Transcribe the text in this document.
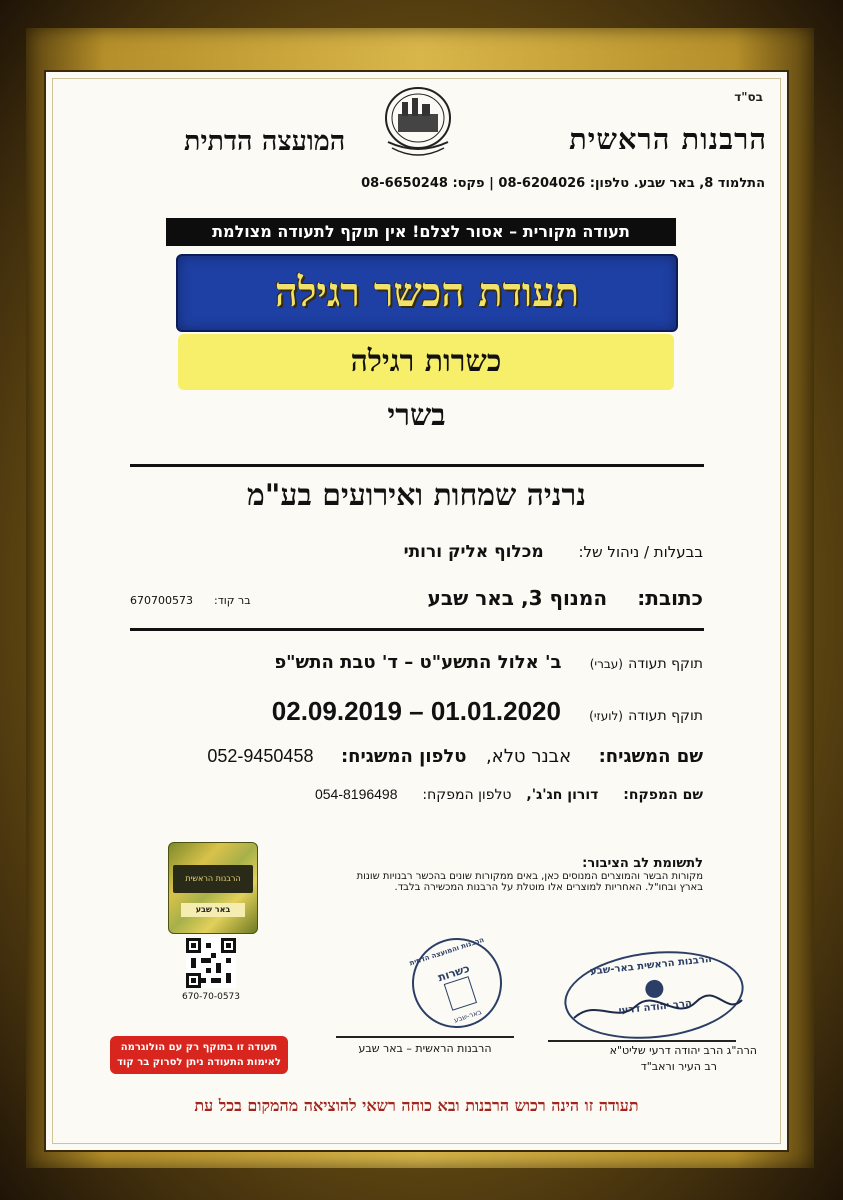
בס"ד
הרבנות הראשית
המועצה הדתית
התלמוד 8, באר שבע. טלפון: 08-6204026 | פקס: 08-6650248
תעודה מקורית – אסור לצלם! אין תוקף לתעודה מצולמת
תעודת הכשר רגילה
כשרות רגילה
בשרי
נרניה שמחות ואירועים בע"מ
בבעלות / ניהול של:  מכלוף אליק ורותי
כתובת:  המנוף 3, באר שבע
בר קוד:  670700573
תוקף תעודה (עברי)  ב' אלול התשע"ט – ד' טבת התש"פ
תוקף תעודה (לועזי)  01.01.2020 – 02.09.2019
שם המשגיח:  אבנר טלא,  טלפון המשגיח:  052-9450458
שם המפקח:  דורון חג'ג',  טלפון המפקח:  054-8196498
לתשומת לב הציבור:
מקורות הבשר והמוצרים המנוסים כאן, באים ממקורות שונים בהכשר רבנויות שונות
בארץ ובחו"ל. האחריות למוצרים אלו מוטלת על הרבנות המכשירה בלבד.
הרבנות הראשית
באר שבע
670-70-0573
תעודה זו בתוקף רק עם הולוגרמה
לאימות התעודה ניתן לסרוק בר קוד
הרבנות והמועצה הדתית
כשרות
באר-שבע
הרבנות הראשית באר-שבע
הרב יהודה דרעי
הרבנות הראשית – באר שבע	הרה"ג הרב יהודה דרעי שליט"א
רב העיר וראב"ד
תעודה זו הינה רכוש הרבנות ובא כוחה רשאי להוציאה מהמקום בכל עת
